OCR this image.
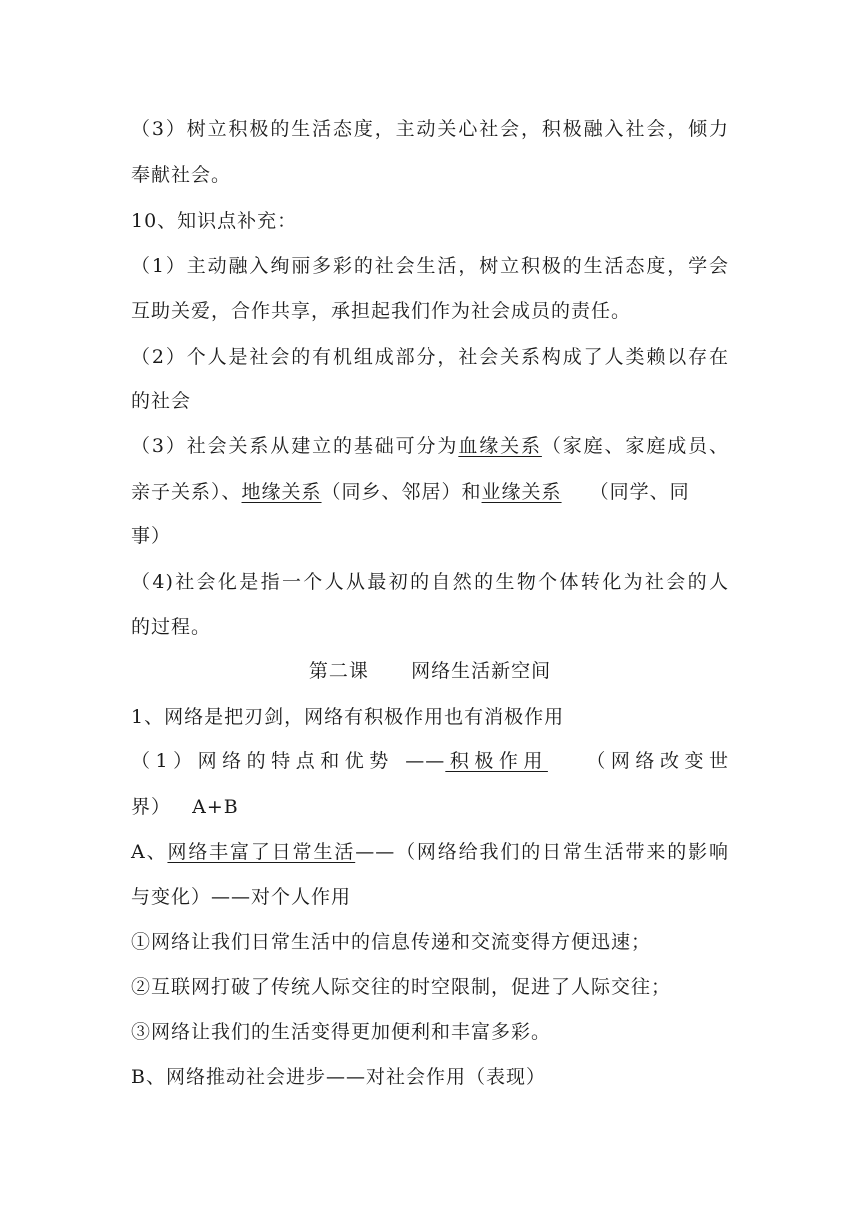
（3）树立积极的生活态度，主动关心社会，积极融入社会，倾力
奉献社会。
10、知识点补充：
（1）主动融入绚丽多彩的社会生活，树立积极的生活态度，学会
互助关爱，合作共享，承担起我们作为社会成员的责任。
（2）个人是社会的有机组成部分，社会关系构成了人类赖以存在
的社会
（3）社会关系从建立的基础可分为血缘关系（家庭、家庭成员、
亲子关系）、地缘关系（同乡、邻居）和业缘关系 （同学、同
事）
（4)社会化是指一个人从最初的自然的生物个体转化为社会的人
的过程。
第二课      网络生活新空间
1、网络是把刃剑，网络有积极作用也有消极作用
（1）网络的特点和优势 ——积极作用 （网络改变世
界）   A+B
A、网络丰富了日常生活——（网络给我们的日常生活带来的影响
与变化）——对个人作用
①网络让我们日常生活中的信息传递和交流变得方便迅速；
②互联网打破了传统人际交往的时空限制，促进了人际交往；
③网络让我们的生活变得更加便利和丰富多彩。
B、网络推动社会进步——对社会作用（表现）
